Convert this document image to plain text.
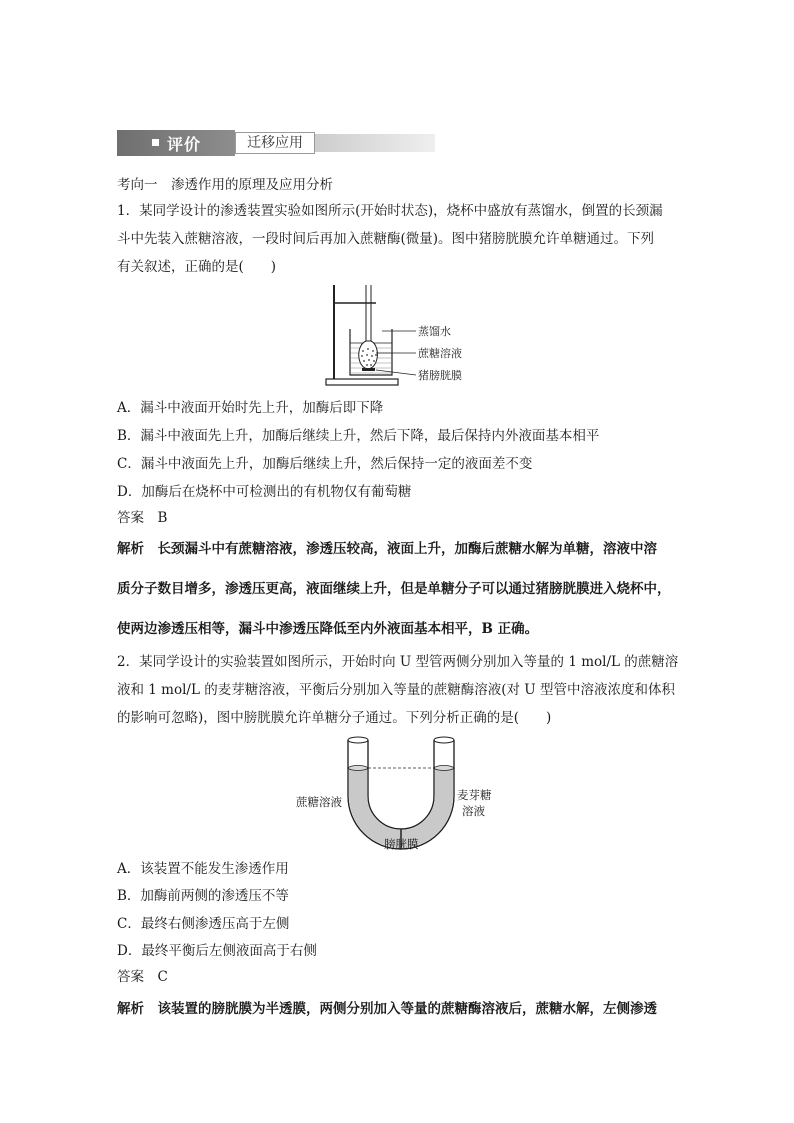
评价	迁移应用
考向一　渗透作用的原理及应用分析
1．某同学设计的渗透装置实验如图所示(开始时状态)，烧杯中盛放有蒸馏水，倒置的长颈漏
斗中先装入蔗糖溶液，一段时间后再加入蔗糖酶(微量)。图中猪膀胱膜允许单糖通过。下列
有关叙述，正确的是(　　)
蒸馏水
蔗糖溶液
猪膀胱膜
A．漏斗中液面开始时先上升，加酶后即下降
B．漏斗中液面先上升，加酶后继续上升，然后下降，最后保持内外液面基本相平
C．漏斗中液面先上升，加酶后继续上升，然后保持一定的液面差不变
D．加酶后在烧杯中可检测出的有机物仅有葡萄糖
答案　B
解析　长颈漏斗中有蔗糖溶液，渗透压较高，液面上升，加酶后蔗糖水解为单糖，溶液中溶
质分子数目增多，渗透压更高，液面继续上升，但是单糖分子可以通过猪膀胱膜进入烧杯中，
使两边渗透压相等，漏斗中渗透压降低至内外液面基本相平，B 正确。
2．某同学设计的实验装置如图所示，开始时向 U 型管两侧分别加入等量的 1 mol/L 的蔗糖溶
液和 1 mol/L 的麦芽糖溶液，平衡后分别加入等量的蔗糖酶溶液(对 U 型管中溶液浓度和体积
的影响可忽略)，图中膀胱膜允许单糖分子通过。下列分析正确的是(　　)
蔗糖溶液	麦芽糖
溶液
膀胱膜
A．该装置不能发生渗透作用
B．加酶前两侧的渗透压不等
C．最终右侧渗透压高于左侧
D．最终平衡后左侧液面高于右侧
答案　C
解析　该装置的膀胱膜为半透膜，两侧分别加入等量的蔗糖酶溶液后，蔗糖水解，左侧渗透
